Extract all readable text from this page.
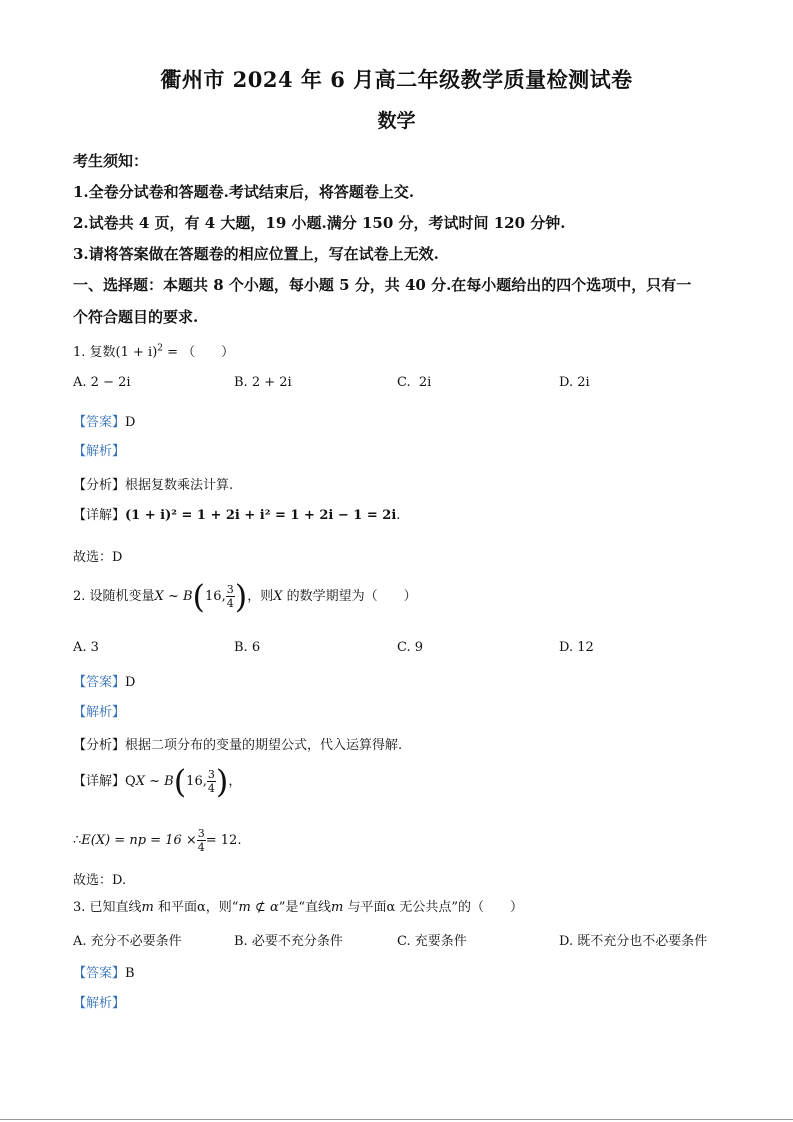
衢州市 2024 年 6 月高二年级教学质量检测试卷
数学
考生须知：
1.全卷分试卷和答题卷.考试结束后，将答题卷上交.
2.试卷共 4 页，有 4 大题，19 小题.满分 150 分，考试时间 120 分钟.
3.请将答案做在答题卷的相应位置上，写在试卷上无效.
一、选择题：本题共 8 个小题，每小题 5 分，共 40 分.在每小题给出的四个选项中，只有一
个符合题目的要求.
1. 复数$(1 + i)^2$ = （　　）
A. 2 − 2i	B. 2 + 2i	C. 2i	D. 2i
【答案】D
【解析】
【分析】根据复数乘法计算.
【详解】(1 + i)² = 1 + 2i + i² = 1 + 2i − 1 = 2i.
故选：D
2. 设随机变量X ~ B(16, $\frac{3}{4}$ )，则X 的数学期望为（　　）
A. 3	B. 6	C. 9	D. 12
【答案】D
【解析】
【分析】根据二项分布的变量的期望公式，代入运算得解.
【详解】QX ~ B(16, $\frac{3}{4}$ )，
∴E(X) = np = $16 \times \frac{3}{4} = 12$.
故选：D.
3. 已知直线m 和平面α，则“m ⊄ α”是“直线m 与平面α 无公共点”的（　　）
A. 充分不必要条件	B. 必要不充分条件	C. 充要条件	D. 既不充分也不必要条件
【答案】B
【解析】
